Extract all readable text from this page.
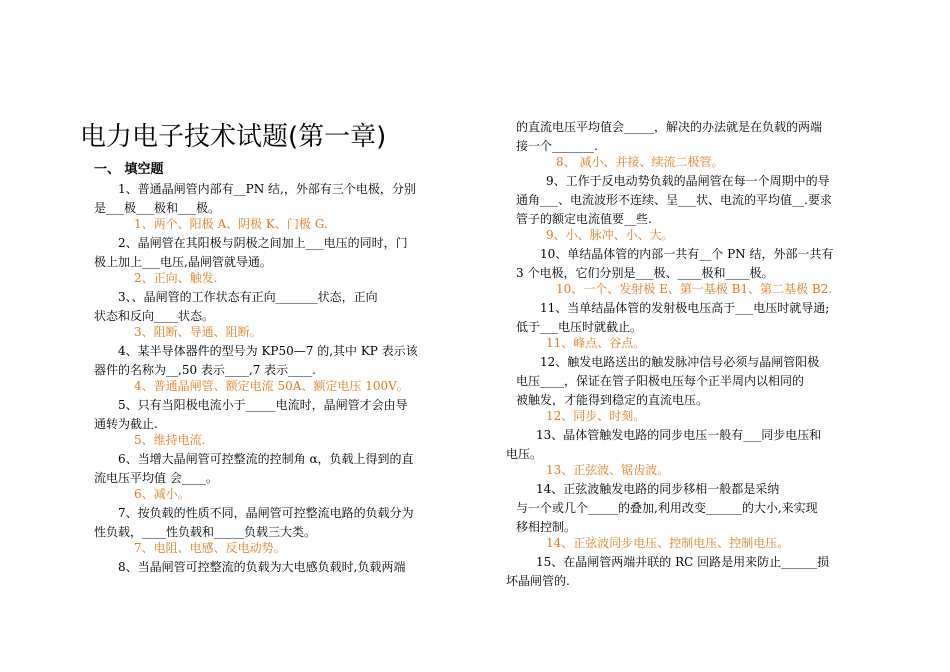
电力电子技术试题(第一章)
一、 填空题
1、普通晶闸管内部有__PN 结,，外部有三个电极，分别
是___极___极和___极。
1、两个、阳极 A、阴极 K、门极 G.
2、晶闸管在其阳极与阴极之间加上___电压的同时，门
极上加上___电压,晶闸管就导通。
2、正向、触发.
3、、晶闸管的工作状态有正向_______状态，正向
状态和反向____状态。
3、阻断、导通、阻断。
4、某半导体器件的型号为 KP50—7 的,其中 KP 表示该
器件的名称为__,50 表示____,7 表示____.
4、普通晶闸管、额定电流 50A、额定电压 100V。
5、只有当阳极电流小于_____电流时，晶闸管才会由导
通转为截止.
5、维持电流.
6、当增大晶闸管可控整流的控制角 α，负载上得到的直
流电压平均值 会____。
6、减小。
7、按负载的性质不同，晶闸管可控整流电路的负载分为
性负载，____性负载和_____负载三大类。
7、电阻、电感、反电动势。
8、当晶闸管可控整流的负载为大电感负载时,负载两端
的直流电压平均值会_____，解决的办法就是在负载的两端
接一个_______.
8、 减小、并接、续流二极管。
9、工作于反电动势负载的晶闸管在每一个周期中的导
通角___、电流波形不连续、呈___状、电流的平均值__.要求
管子的额定电流值要__些.
9、小、脉冲、小、大。
10、单结晶体管的内部一共有__个 PN 结，外部一共有
3 个电极，它们分别是___极、____极和____极。
10、一个、发射极 E、第一基极 B1、第二基极 B2.
11、当单结晶体管的发射极电压高于___电压时就导通;
低于___电压时就截止。
11、峰点、谷点。
12、触发电路送出的触发脉冲信号必须与晶闸管阳极
电压____，保证在管子阳极电压每个正半周内以相同的
被触发，才能得到稳定的直流电压。
12、同步、时刻。
13、晶体管触发电路的同步电压一般有___同步电压和
电压。
13、正弦波、锯齿波。
14、正弦波触发电路的同步移相一般都是采纳
与一个或几个_____的叠加,利用改变______的大小,来实现
移相控制。
14、正弦波同步电压、控制电压、控制电压。
15、在晶闸管两端并联的 RC 回路是用来防止______损
坏晶闸管的.
